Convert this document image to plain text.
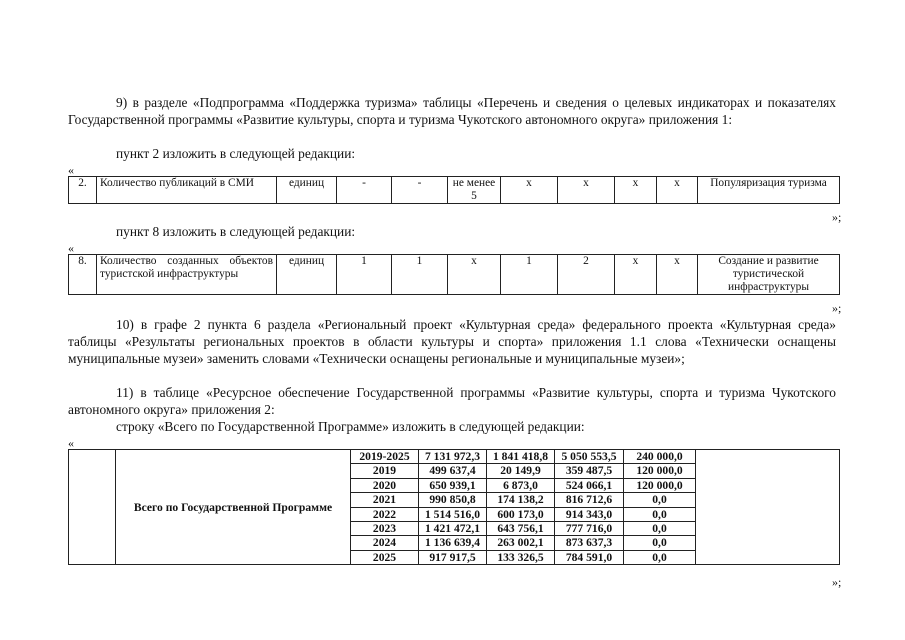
9) в разделе «Подпрограмма «Поддержка туризма» таблицы «Перечень и сведения о целевых индикаторах и показателях Государственной программы «Развитие культуры, спорта и туризма Чукотского автономного округа» приложения 1:

пункт 2 изложить в следующей редакции:

«

2.	Количество публикаций в СМИ	единиц	-	-	не менее 5	х	х	х	х	Популяризация туризма

»;

пункт 8 изложить в следующей редакции:

«

8.	Количество созданных объектов туристской инфраструктуры	единиц	1	1	х	1	2	х	х	Создание и развитие туристической инфраструктуры

»;

10) в графе 2 пункта 6 раздела «Региональный проект «Культурная среда» федерального проекта «Культурная среда» таблицы «Результаты региональных проектов в области культуры и спорта» приложения 1.1 слова «Технически оснащены муниципальные музеи» заменить словами «Технически оснащены региональные и муниципальные музеи»;

11) в таблице «Ресурсное обеспечение Государственной программы «Развитие культуры, спорта и туризма Чукотского автономного округа» приложения 2:

строку «Всего по Государственной Программе» изложить в следующей редакции:

«

	Всего по Государственной Программе	2019-2025	7 131 972,3	1 841 418,8	5 050 553,5	240 000,0	
		2019	499 637,4	20 149,9	359 487,5	120 000,0	
		2020	650 939,1	6 873,0	524 066,1	120 000,0	
		2021	990 850,8	174 138,2	816 712,6	0,0	
		2022	1 514 516,0	600 173,0	914 343,0	0,0	
		2023	1 421 472,1	643 756,1	777 716,0	0,0	
		2024	1 136 639,4	263 002,1	873 637,3	0,0	
		2025	917 917,5	133 326,5	784 591,0	0,0	

»;
